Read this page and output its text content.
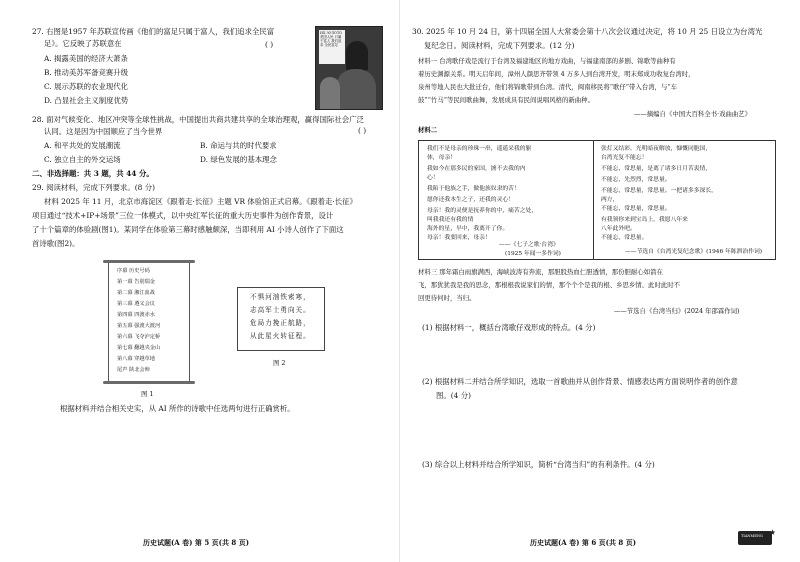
27. 右图是1957 年苏联宣传画《他们的富足只属于富人，我们追求全民富
足》。它反映了苏联意在	( )
A. 揭露美国的经济大萧条
B. 推动美苏军备竞赛升级
C. 展示苏联的农业现代化
D. 凸显社会主义制度优势
ИХ ЗОЛОТО 美国人民 只属于富人 我们追求 全民富足
28. 面对气候变化、地区冲突等全球性挑战，中国提出共商共建共享的全球治理观，赢得国际社会广泛
认同。这是因为中国顺应了当今世界	( )
A. 和平共处的发展潮流	B. 命运与共的时代要求
C. 独立自主的外交运场	D. 绿色发展的基本理念
二、非选择题：共 3 题，共 44 分。
29. 阅读材料，完成下列要求。(8 分)
材料 2025 年 11 月，北京市海淀区《跟着走·长征》主题 VR 体验馆正式启幕。《跟着走·长征》
项目通过“技术+IP+场景”三位一体模式，以中央红军长征的重大历史事件为创作背景，设计
了十个篇章的体验剧(图1)。某同学在体验第三幕时感触颇深，当即利用 AI 小诗人创作了下面这
首诗歌(图2)。
序幕 历史号码
第一幕 告别瑞金
第二幕 湘江血战
第三幕 遵义会议
第四幕 四渡赤水
第五幕 强渡大渡河
第六幕 飞夺泸定桥
第七幕 翻越夹金山
第八幕 穿越草地
尾声 陕北会师
图 1
不惧河汹铁索寒，
志高军士勇向关。
危局力挽正航路，
从此星火转征程。
图 2
根据材料并结合相关史实，从 AI 所作的诗歌中任选两句进行正确赏析。
历史试题(A 卷) 第 5 页(共 8 页)
30. 2025 年 10 月 24 日，第十四届全国人大常委会第十八次会议通过决定，将 10 月 25 日设立为台湾光
复纪念日。阅读材料，完成下列要求。(12 分)
材料一 台湾歌仔戏是流行于台湾及福建地区的地方戏曲，与福建南部的芗剧、锦歌等曲种有
着历史渊源关系。明天启年间，漳州人颜思齐带领 4 万多人到台湾开发，明末郑成功收复台湾时，
泉州等地人民也大批迁台，他们将锦歌带到台湾。清代，闽南移民将“歌仔”带入台湾，与“车
鼓”“竹马”等民间歌曲舞，发展成具有民间说唱风格的新曲种。
——摘编自《中国大百科全书·戏曲曲艺》
材料二
我们不是母亲的珍珠一串，遥遥采我的躯
体，母亲！
我如今在那多民的家国，掳不去我的内
心！
我陷于他族之手，做他族奴隶的苦！
愿你还我本生之子，还我的灵心！
母亲！我的灵便是抚养你的中，痛苦之处，
叫我我还有我的情
海外的星，早中，我离开了你。
母亲！我要回来，母亲！
——《七子之歌·台湾》
(1925 年闻一多作词)
张灯又结彩，光明暗夜解放，慷慨同胞国，
台湾光复不能忘！
不能忘，常思量，是离了诸多日月苦衷情，
不能忘，先烈烈，常思量。
不能忘，常思量，常思量。一把诸多多深长，
两方，
不能忘，常思量，常思量。
有我领你来到宝岛上，我愿八年来
八年此外吧。
不能忘，常思量。
——节选自《台湾光复纪念歌》(1946 年陈泗治作词)
材料三 那年霜白雨旗满西，海峡波涛有奔流，那胆股热血仁胆透情，那份胆耐心如箭在
飞，那犹犹我是我的思念，那根根我说家们的情，那个个个是我的根、乡思乡情、此时此时不
回更待何时，当归。
——节选自《台湾当归》(2024 年邵霖作词)
(1) 根据材料一，概括台湾歌仔戏形成的特点。(4 分)
(2) 根据材料二并结合所学知识，选取一首歌曲并从创作背景、情感表达两方面说明作者的创作意
图。(4 分)
(3) 综合以上材料并结合所学知识，简析“台湾当归”的有利条件。(4 分)
历史试题(A 卷) 第 6 页(共 8 页)
TIANMENG ★
